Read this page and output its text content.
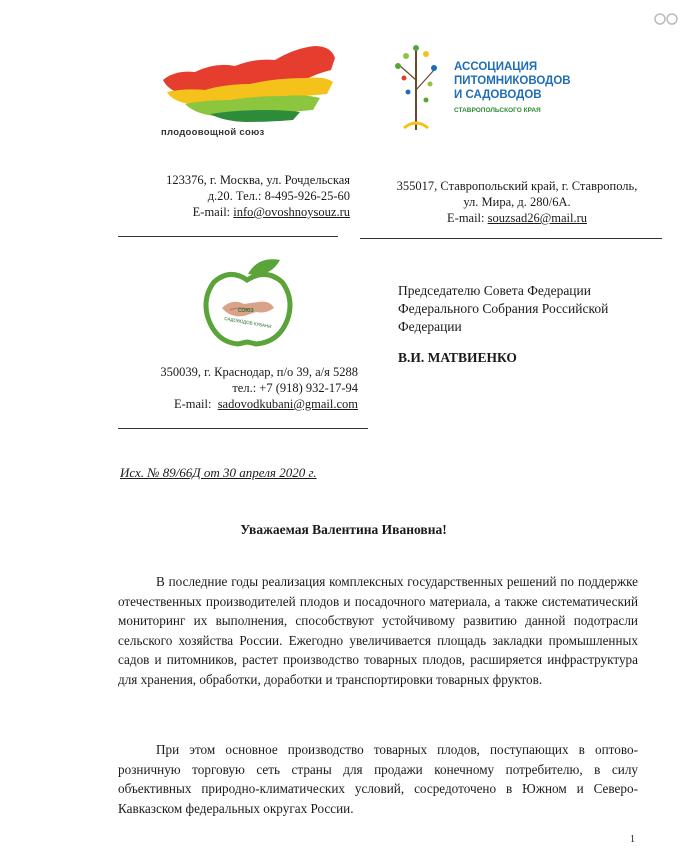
плодоовощной союз
АССОЦИАЦИЯ
ПИТОМНИКОВОДОВ
И САДОВОДОВ
СТАВРОПОЛЬСКОГО КРАЯ
123376, г. Москва, ул. Рочдельская
д.20. Тел.: 8-495-926-25-60
E-mail: info@ovoshnoysouz.ru
355017, Ставропольский край, г. Ставрополь,
ул. Мира, д. 280/6А.
E-mail: souzsad26@mail.ru
СОЮЗ
САДОВОДОВ КУБАНИ
350039, г. Краснодар, п/о 39, а/я 5288
тел.: +7 (918) 932-17-94
E-mail: sadovodkubani@gmail.com
Председателю Совета Федерации
Федерального Собрания Российской
Федерации
В.И. МАТВИЕНКО
Исх. № 89/66Д от 30 апреля 2020 г.
Уважаемая Валентина Ивановна!
В последние годы реализация комплексных государственных решений по поддержке отечественных производителей плодов и посадочного материала, а также систематический мониторинг их выполнения, способствуют устойчивому развитию данной подотрасли сельского хозяйства России. Ежегодно увеличивается площадь закладки промышленных садов и питомников, растет производство товарных плодов, расширяется инфраструктура для хранения, обработки, доработки и транспортировки товарных фруктов.
При этом основное производство товарных плодов, поступающих в оптово-розничную торговую сеть страны для продажи конечному потребителю, в силу объективных природно-климатических условий, сосредоточено в Южном и Северо- Кавказском федеральных округах России.
1
